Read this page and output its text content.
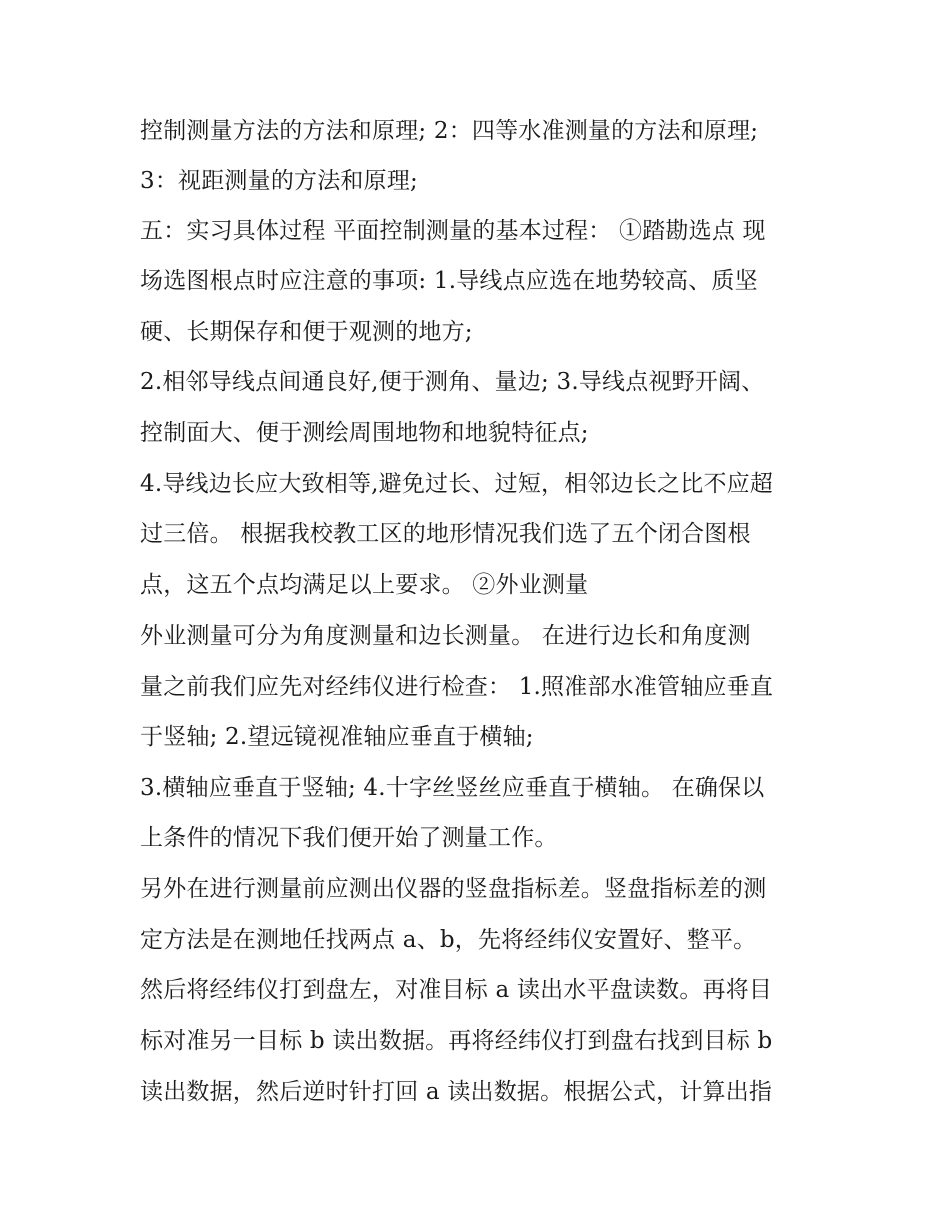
控制测量方法的方法和原理; 2：四等水准测量的方法和原理;
3：视距测量的方法和原理;
五：实习具体过程 平面控制测量的基本过程： ①踏勘选点 现
场选图根点时应注意的事项: 1.导线点应选在地势较高、质坚
硬、长期保存和便于观测的地方;
2.相邻导线点间通良好,便于测角、量边; 3.导线点视野开阔、
控制面大、便于测绘周围地物和地貌特征点;
4.导线边长应大致相等,避免过长、过短，相邻边长之比不应超
过三倍。 根据我校教工区的地形情况我们选了五个闭合图根
点，这五个点均满足以上要求。 ②外业测量
外业测量可分为角度测量和边长测量。 在进行边长和角度测
量之前我们应先对经纬仪进行检查： 1.照准部水准管轴应垂直
于竖轴; 2.望远镜视准轴应垂直于横轴;
3.横轴应垂直于竖轴; 4.十字丝竖丝应垂直于横轴。 在确保以
上条件的情况下我们便开始了测量工作。
另外在进行测量前应测出仪器的竖盘指标差。竖盘指标差的测
定方法是在测地任找两点 a、b，先将经纬仪安置好、整平。
然后将经纬仪打到盘左，对准目标 a 读出水平盘读数。再将目
标对准另一目标 b 读出数据。再将经纬仪打到盘右找到目标 b
读出数据，然后逆时针打回 a 读出数据。根据公式，计算出指
